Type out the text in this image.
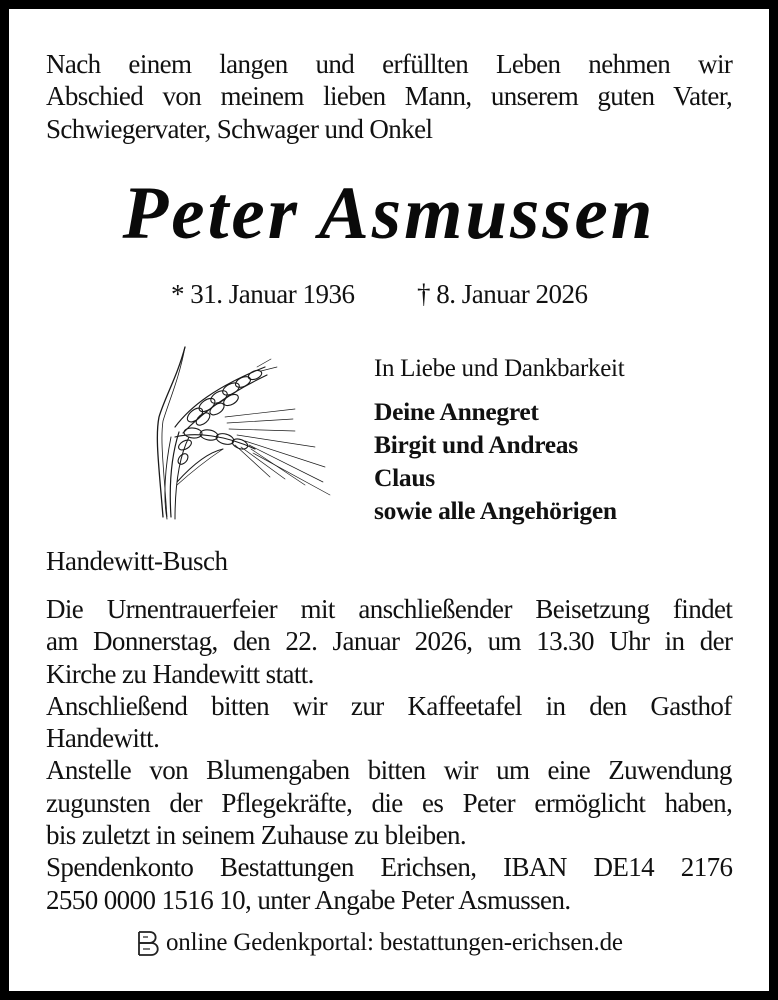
Nach einem langen und erfüllten Leben nehmen wir
Abschied von meinem lieben Mann, unserem guten Vater,
Schwiegervater, Schwager und Onkel
Peter Asmussen
* 31. Januar 1936 † 8. Januar 2026
In Liebe und Dankbarkeit
Deine Annegret
Birgit und Andreas
Claus
sowie alle Angehörigen
Handewitt-Busch
Die Urnentrauerfeier mit anschließender Beisetzung findet
am Donnerstag, den 22. Januar 2026, um 13.30 Uhr in der
Kirche zu Handewitt statt.
Anschließend bitten wir zur Kaffeetafel in den Gasthof
Handewitt.
Anstelle von Blumengaben bitten wir um eine Zuwendung
zugunsten der Pflegekräfte, die es Peter ermöglicht haben,
bis zuletzt in seinem Zuhause zu bleiben.
Spendenkonto Bestattungen Erichsen, IBAN DE14 2176
2550 0000 1516 10, unter Angabe Peter Asmussen.
online Gedenkportal: bestattungen-erichsen.de
